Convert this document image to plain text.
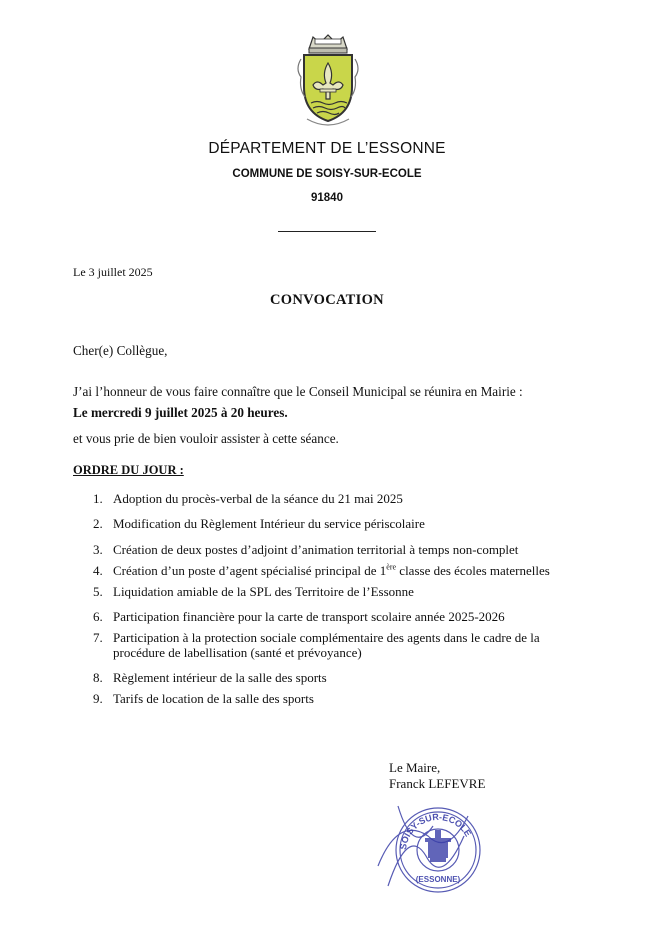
DÉPARTEMENT DE L’ESSONNE
COMMUNE DE SOISY-SUR-ECOLE
91840
Le 3 juillet 2025
CONVOCATION
Cher(e) Collègue,
J’ai l’honneur de vous faire connaître que le Conseil Municipal se réunira en Mairie :
Le mercredi 9 juillet 2025 à 20 heures.
et vous prie de bien vouloir assister à cette séance.
ORDRE DU JOUR :
1. Adoption du procès-verbal de la séance du 21 mai 2025
2. Modification du Règlement Intérieur du service périscolaire
3. Création de deux postes d’adjoint d’animation territorial à temps non-complet
4. Création d’un poste d’agent spécialisé principal de 1ère classe des écoles maternelles
5. Liquidation amiable de la SPL des Territoire de l’Essonne
6. Participation financière pour la carte de transport scolaire année 2025-2026
7. Participation à la protection sociale complémentaire des agents dans le cadre de la procédure de labellisation (santé et prévoyance)
8. Règlement intérieur de la salle des sports
9. Tarifs de location de la salle des sports
Le Maire,
Franck LEFEVRE
SOISY-SUR-ECOLE
(ESSONNE)
